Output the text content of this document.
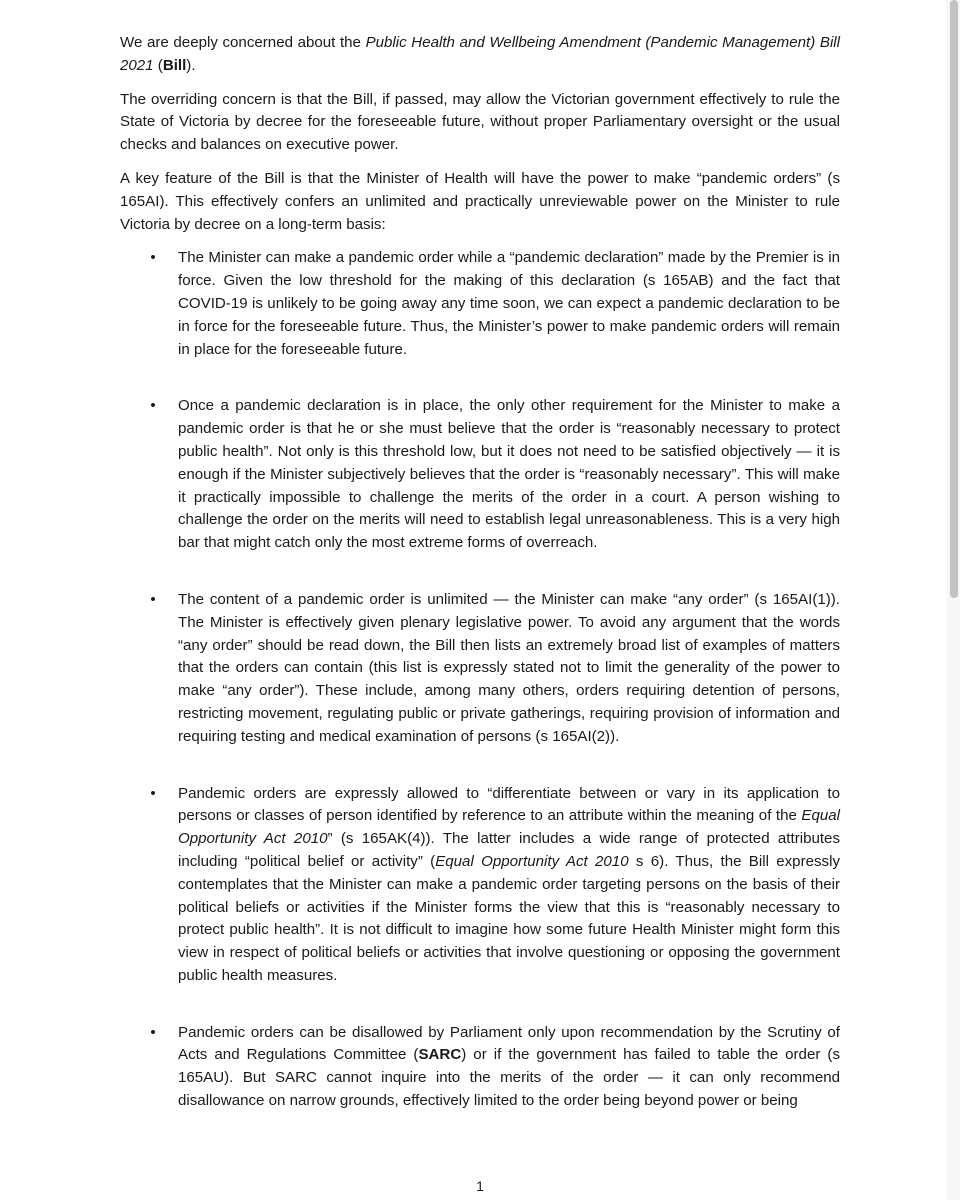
We are deeply concerned about the Public Health and Wellbeing Amendment (Pandemic Management) Bill 2021 (Bill).

The overriding concern is that the Bill, if passed, may allow the Victorian government effectively to rule the State of Victoria by decree for the foreseeable future, without proper Parliamentary oversight or the usual checks and balances on executive power.

A key feature of the Bill is that the Minister of Health will have the power to make “pandemic orders” (s 165AI). This effectively confers an unlimited and practically unreviewable power on the Minister to rule Victoria by decree on a long-term basis:

• The Minister can make a pandemic order while a “pandemic declaration” made by the Premier is in force. Given the low threshold for the making of this declaration (s 165AB) and the fact that COVID-19 is unlikely to be going away any time soon, we can expect a pandemic declaration to be in force for the foreseeable future. Thus, the Minister’s power to make pandemic orders will remain in place for the foreseeable future.
• Once a pandemic declaration is in place, the only other requirement for the Minister to make a pandemic order is that he or she must believe that the order is “reasonably necessary to protect public health”. Not only is this threshold low, but it does not need to be satisfied objectively — it is enough if the Minister subjectively believes that the order is “reasonably necessary”. This will make it practically impossible to challenge the merits of the order in a court. A person wishing to challenge the order on the merits will need to establish legal unreasonableness. This is a very high bar that might catch only the most extreme forms of overreach.
• The content of a pandemic order is unlimited — the Minister can make “any order” (s 165AI(1)). The Minister is effectively given plenary legislative power. To avoid any argument that the words “any order” should be read down, the Bill then lists an extremely broad list of examples of matters that the orders can contain (this list is expressly stated not to limit the generality of the power to make “any order”). These include, among many others, orders requiring detention of persons, restricting movement, regulating public or private gatherings, requiring provision of information and requiring testing and medical examination of persons (s 165AI(2)).
• Pandemic orders are expressly allowed to “differentiate between or vary in its application to persons or classes of person identified by reference to an attribute within the meaning of the Equal Opportunity Act 2010” (s 165AK(4)). The latter includes a wide range of protected attributes including “political belief or activity” (Equal Opportunity Act 2010 s 6). Thus, the Bill expressly contemplates that the Minister can make a pandemic order targeting persons on the basis of their political beliefs or activities if the Minister forms the view that this is “reasonably necessary to protect public health”. It is not difficult to imagine how some future Health Minister might form this view in respect of political beliefs or activities that involve questioning or opposing the government public health measures.
• Pandemic orders can be disallowed by Parliament only upon recommendation by the Scrutiny of Acts and Regulations Committee (SARC) or if the government has failed to table the order (s 165AU). But SARC cannot inquire into the merits of the order — it can only recommend disallowance on narrow grounds, effectively limited to the order being beyond power or being
1
